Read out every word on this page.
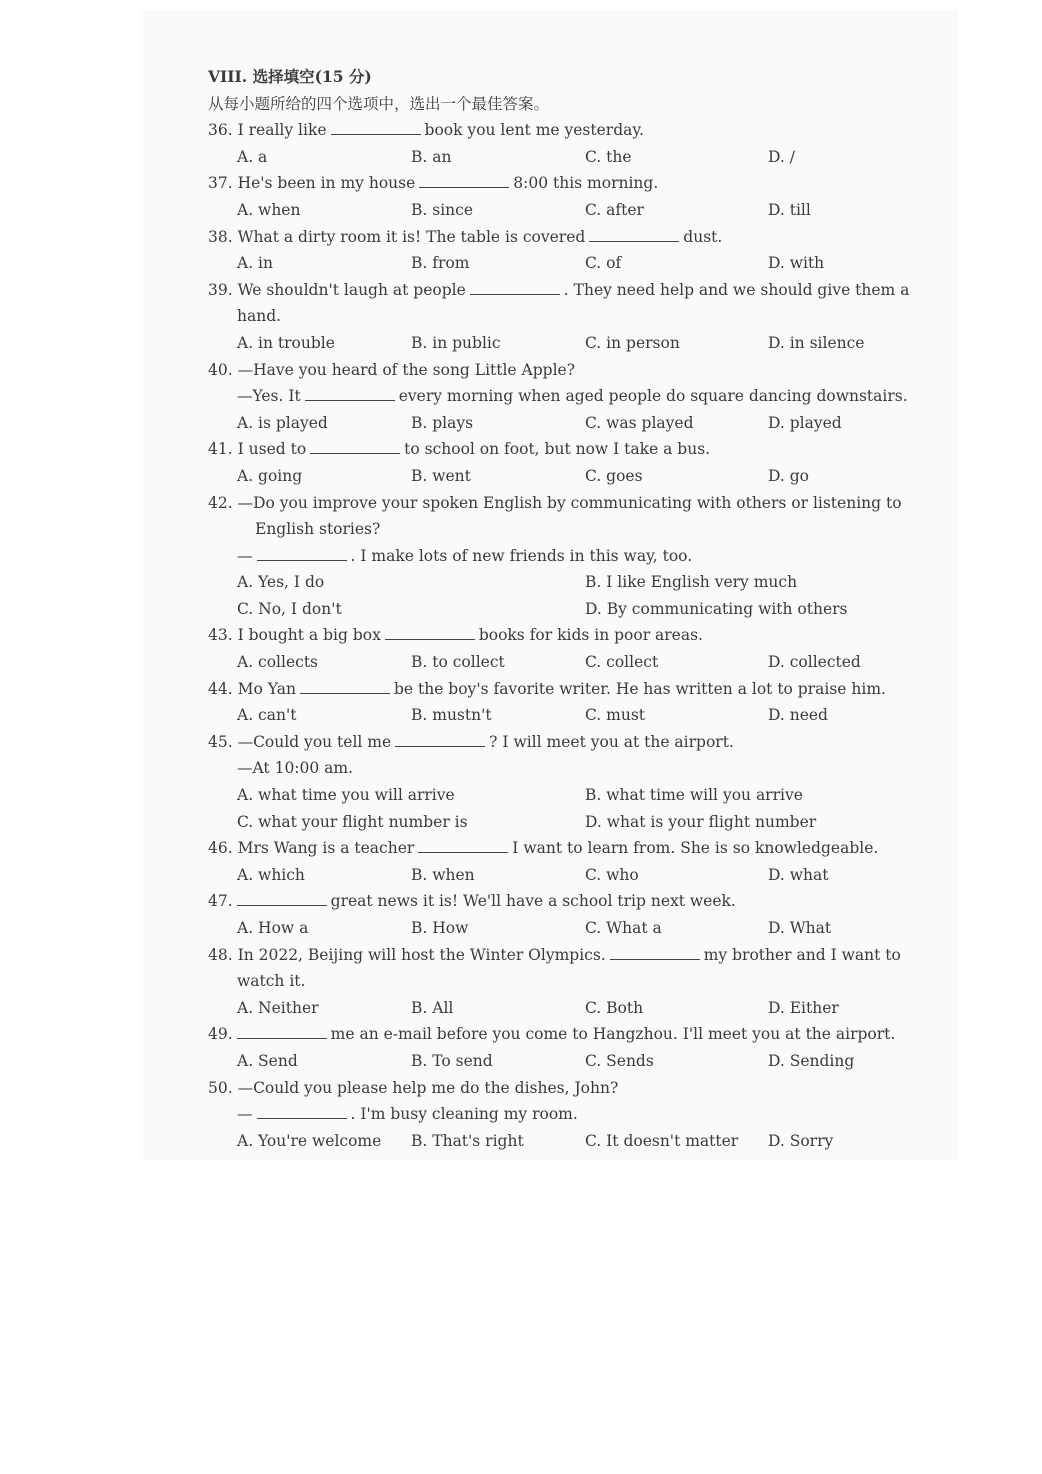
VIII. 选择填空(15 分)
从每小题所给的四个选项中，选出一个最佳答案。
36. I really like	book you lent me yesterday.
A. a	B. an	C. the	D. /
37. He's been in my house	8:00 this morning.
A. when	B. since	C. after	D. till
38. What a dirty room it is! The table is covered	dust.
A. in	B. from	C. of	D. with
39. We shouldn't laugh at people	. They need help and we should give them a
hand.
A. in trouble	B. in public	C. in person	D. in silence
40. —Have you heard of the song Little Apple?
—Yes. It	every morning when aged people do square dancing downstairs.
A. is played	B. plays	C. was played	D. played
41. I used to	to school on foot, but now I take a bus.
A. going	B. went	C. goes	D. go
42. —Do you improve your spoken English by communicating with others or listening to
English stories?
—	. I make lots of new friends in this way, too.
A. Yes, I do	B. I like English very much
C. No, I don't	D. By communicating with others
43. I bought a big box	books for kids in poor areas.
A. collects	B. to collect	C. collect	D. collected
44. Mo Yan	be the boy's favorite writer. He has written a lot to praise him.
A. can't	B. mustn't	C. must	D. need
45. —Could you tell me	? I will meet you at the airport.
—At 10:00 am.
A. what time you will arrive	B. what time will you arrive
C. what your flight number is	D. what is your flight number
46. Mrs Wang is a teacher	I want to learn from. She is so knowledgeable.
A. which	B. when	C. who	D. what
47.	great news it is! We'll have a school trip next week.
A. How a	B. How	C. What a	D. What
48. In 2022, Beijing will host the Winter Olympics.	my brother and I want to
watch it.
A. Neither	B. All	C. Both	D. Either
49.	me an e-mail before you come to Hangzhou. I'll meet you at the airport.
A. Send	B. To send	C. Sends	D. Sending
50. —Could you please help me do the dishes, John?
—	. I'm busy cleaning my room.
A. You're welcome B. That's right	C. It doesn't matter D. Sorry
